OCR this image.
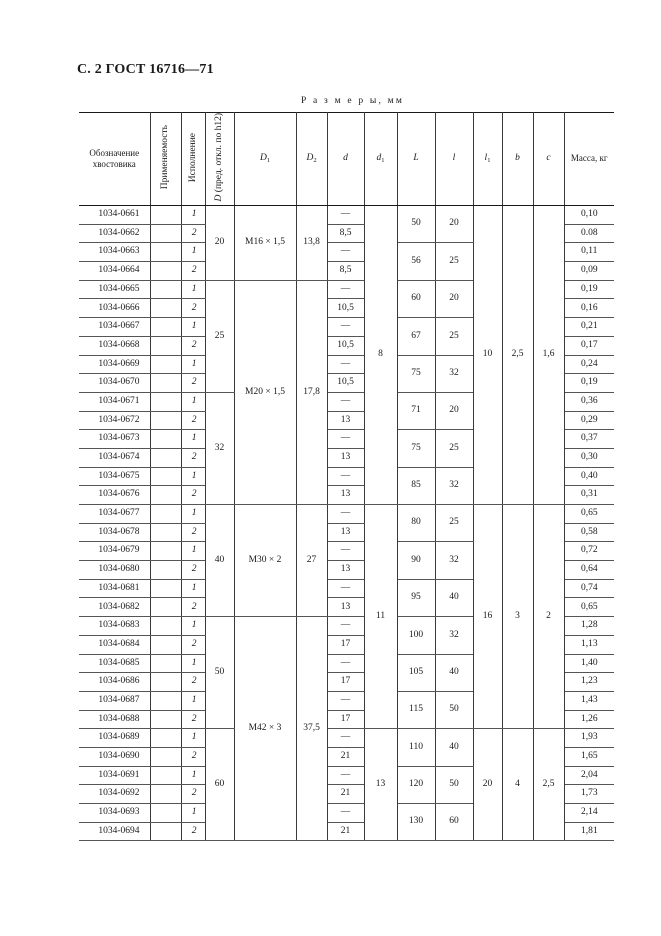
С. 2 ГОСТ 16716—71
Р а з м е р ы, мм
Обозначение хвостовика	Применяемость	Исполнение	D (пред. откл. по h12)	$D_1$	$D_2$	d	$d_1$	L	l	$l_1$	b	c	Масса, кг
1034-0661		1	20	М16 × 1,5	13,8	—	8	50	20	10	2,5	1,6	0,10
1034-0662		2				8,5							0.08
1034-0663		1				—		56	25				0,11
1034-0664		2				8,5							0,09
1034-0665		1	25	М20 × 1,5	17,8	—		60	20				0,19
1034-0666		2				10,5							0,16
1034-0667		1				—		67	25				0,21
1034-0668		2				10,5							0,17
1034-0669		1				—		75	32				0,24
1034-0670		2				10,5							0,19
1034-0671		1	32			—		71	20				0,36
1034-0672		2				13							0,29
1034-0673		1				—		75	25				0,37
1034-0674		2				13							0,30
1034-0675		1				—		85	32				0,40
1034-0676		2				13							0,31
1034-0677		1	40	М30 × 2	27	—	11	80	25	16	3	2	0,65
1034-0678		2				13							0,58
1034-0679		1				—		90	32				0,72
1034-0680		2				13							0,64
1034-0681		1				—		95	40				0,74
1034-0682		2				13							0,65
1034-0683		1	50	М42 × 3	37,5	—		100	32				1,28
1034-0684		2				17							1,13
1034-0685		1				—		105	40				1,40
1034-0686		2				17							1,23
1034-0687		1				—		115	50				1,43
1034-0688		2				17							1,26
1034-0689		1	60			—	13	110	40	20	4	2,5	1,93
1034-0690		2				21							1,65
1034-0691		1				—		120	50				2,04
1034-0692		2				21							1,73
1034-0693		1				—		130	60				2,14
1034-0694		2				21							1,81
